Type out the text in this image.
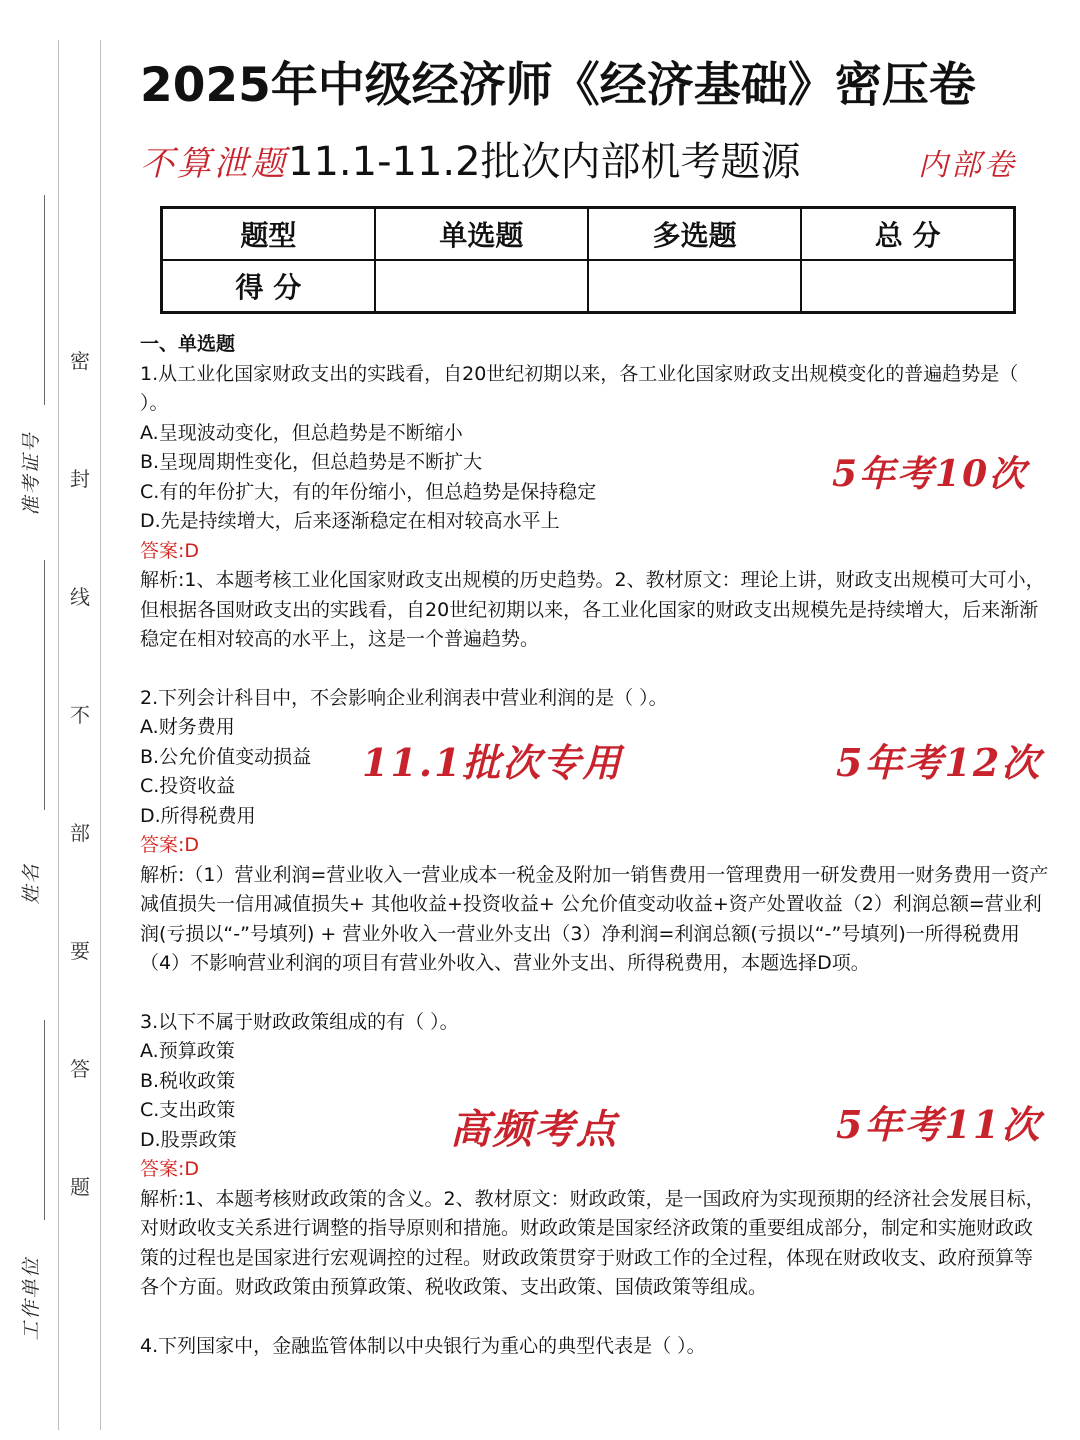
准考证号
姓名
工作单位
密
封
线
不
部
要
答
题
2025年中级经济师《经济基础》密压卷
不算泄题11.1-11.2批次内部机考题源	内部卷
题型	单选题	多选题	总 分
得 分			

一、单选题

1.从工业化国家财政支出的实践看，自20世纪初期以来，各工业化国家财政支出规模变化的普遍趋势是（ ）。

A.呈现波动变化，但总趋势是不断缩小

B.呈现周期性变化，但总趋势是不断扩大

C.有的年份扩大，有的年份缩小，但总趋势是保持稳定

D.先是持续增大，后来逐渐稳定在相对较高水平上

答案:D

解析:1、本题考核工业化国家财政支出规模的历史趋势。2、教材原文：理论上讲，财政支出规模可大可小，但根据各国财政支出的实践看，自20世纪初期以来，各工业化国家的财政支出规模先是持续增大，后来渐渐稳定在相对较高的水平上，这是一个普遍趋势。

2.下列会计科目中，不会影响企业利润表中营业利润的是（ ）。

A.财务费用

B.公允价值变动损益

C.投资收益

D.所得税费用

答案:D

解析:（1）营业利润=营业收入一营业成本一税金及附加一销售费用一管理费用一研发费用一财务费用一资产减值损失一信用减值损失+ 其他收益+投资收益+ 公允价值变动收益+资产处置收益（2）利润总额=营业利润(亏损以“-”号填列) + 营业外收入一营业外支出（3）净利润=利润总额(亏损以“-”号填列)一所得税费用（4）不影响营业利润的项目有营业外收入、营业外支出、所得税费用，本题选择D项。

3.以下不属于财政政策组成的有（ ）。

A.预算政策

B.税收政策

C.支出政策

D.股票政策

答案:D

解析:1、本题考核财政政策的含义。2、教材原文：财政政策，是一国政府为实现预期的经济社会发展目标，对财政收支关系进行调整的指导原则和措施。财政政策是国家经济政策的重要组成部分，制定和实施财政政策的过程也是国家进行宏观调控的过程。财政政策贯穿于财政工作的全过程，体现在财政收支、政府预算等各个方面。财政政策由预算政策、税收政策、支出政策、国债政策等组成。

4.下列国家中，金融监管体制以中央银行为重心的典型代表是（ ）。

5年考10次
11.1批次专用	5年考12次
高频考点	5年考11次
